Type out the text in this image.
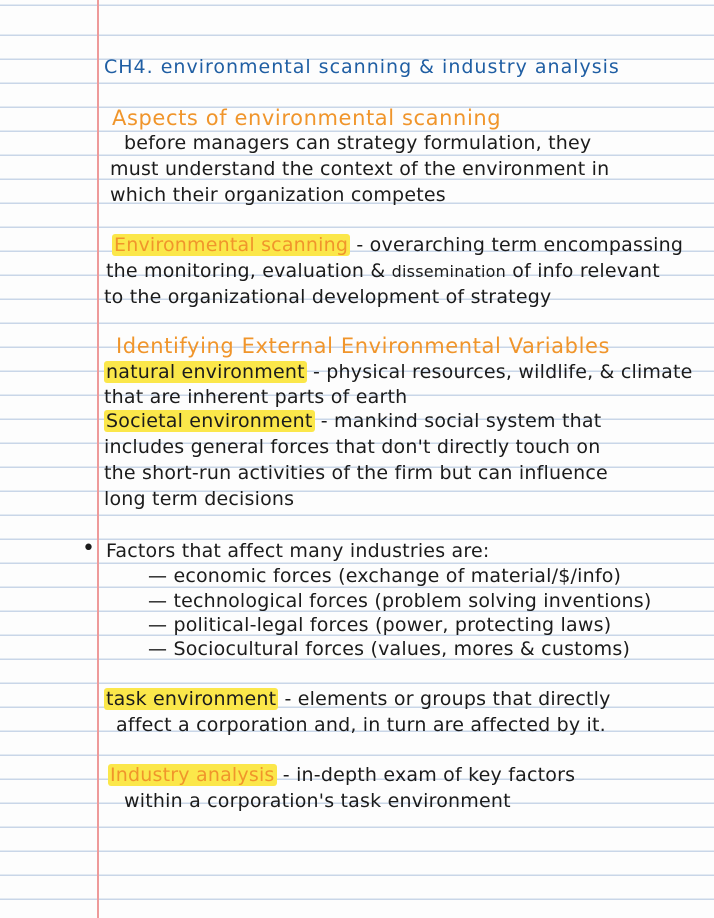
CH4. environmental scanning & industry analysis
Aspects of environmental scanning
before managers can strategy formulation, they
must understand the context of the environment in
which their organization competes
Environmental scanning - overarching term encompassing
the monitoring, evaluation & dissemination of info relevant
to the organizational development of strategy
Identifying External Environmental Variables
natural environment - physical resources, wildlife, & climate
that are inherent parts of earth
Societal environment - mankind social system that
includes general forces that don't directly touch on
the short-run activities of the firm but can influence
long term decisions
• Factors that affect many industries are:
— economic forces (exchange of material/$/info)
— technological forces (problem solving inventions)
— political-legal forces (power, protecting laws)
— Sociocultural forces (values, mores & customs)
task environment - elements or groups that directly
affect a corporation and, in turn are affected by it.
Industry analysis - in-depth exam of key factors
within a corporation's task environment
